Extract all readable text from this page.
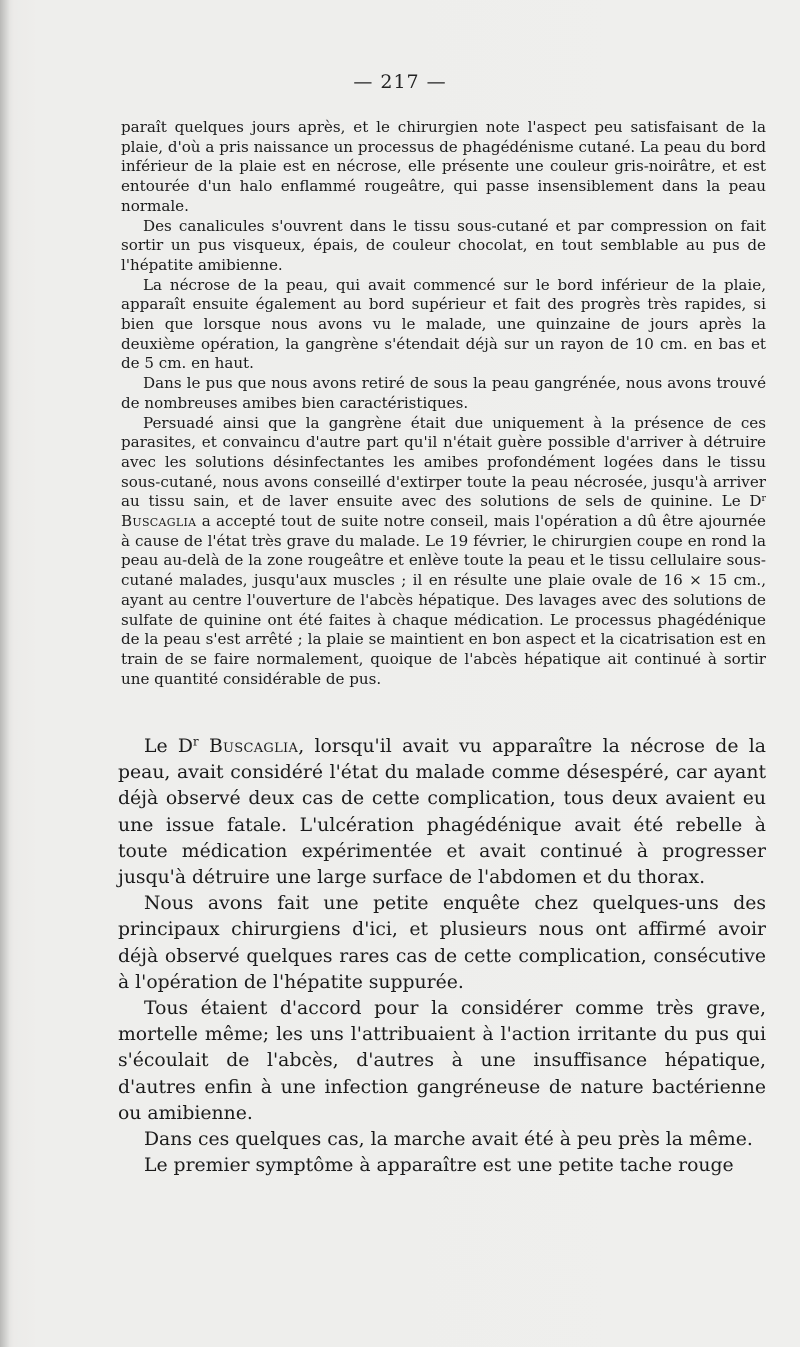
— 217 —

paraît quelques jours après, et le chirurgien note l'aspect peu satisfaisant de la plaie, d'où a pris naissance un processus de phagédénisme cutané. La peau du bord inférieur de la plaie est en nécrose, elle présente une couleur gris-noirâtre, et est entourée d'un halo enflammé rougeâtre, qui passe insensiblement dans la peau normale.

Des canalicules s'ouvrent dans le tissu sous-cutané et par compression on fait sortir un pus visqueux, épais, de couleur chocolat, en tout semblable au pus de l'hépatite amibienne.

La nécrose de la peau, qui avait commencé sur le bord inférieur de la plaie, apparaît ensuite également au bord supérieur et fait des progrès très rapides, si bien que lorsque nous avons vu le malade, une quinzaine de jours après la deuxième opération, la gangrène s'étendait déjà sur un rayon de 10 cm. en bas et de 5 cm. en haut.

Dans le pus que nous avons retiré de sous la peau gangrénée, nous avons trouvé de nombreuses amibes bien caractéristiques.

Persuadé ainsi que la gangrène était due uniquement à la présence de ces parasites, et convaincu d'autre part qu'il n'était guère possible d'arriver à détruire avec les solutions désinfectantes les amibes profondément logées dans le tissu sous-cutané, nous avons conseillé d'extirper toute la peau nécrosée, jusqu'à arriver au tissu sain, et de laver ensuite avec des solutions de sels de quinine. Le $D^r$ Buscaglia a accepté tout de suite notre conseil, mais l'opération a dû être ajournée à cause de l'état très grave du malade. Le 19 février, le chirurgien coupe en rond la peau au-delà de la zone rougeâtre et enlève toute la peau et le tissu cellulaire sous-cutané malades, jusqu'aux muscles ; il en résulte une plaie ovale de 16 × 15 cm., ayant au centre l'ouverture de l'abcès hépatique. Des lavages avec des solutions de sulfate de quinine ont été faites à chaque médication. Le processus phagédénique de la peau s'est arrêté ; la plaie se maintient en bon aspect et la cicatrisation est en train de se faire normalement, quoique de l'abcès hépatique ait continué à sortir une quantité considérable de pus.

Le $D^r$ Buscaglia, lorsqu'il avait vu apparaître la nécrose de la peau, avait considéré l'état du malade comme désespéré, car ayant déjà observé deux cas de cette complication, tous deux avaient eu une issue fatale. L'ulcération phagédénique avait été rebelle à toute médication expérimentée et avait continué à progresser jusqu'à détruire une large surface de l'abdomen et du thorax.

Nous avons fait une petite enquête chez quelques-uns des principaux chirurgiens d'ici, et plusieurs nous ont affirmé avoir déjà observé quelques rares cas de cette complication, consécutive à l'opération de l'hépatite suppurée.

Tous étaient d'accord pour la considérer comme très grave, mortelle même; les uns l'attribuaient à l'action irritante du pus qui s'écoulait de l'abcès, d'autres à une insuffisance hépatique, d'autres enfin à une infection gangréneuse de nature bactérienne ou amibienne.

Dans ces quelques cas, la marche avait été à peu près la même.

Le premier symptôme à apparaître est une petite tache rouge
